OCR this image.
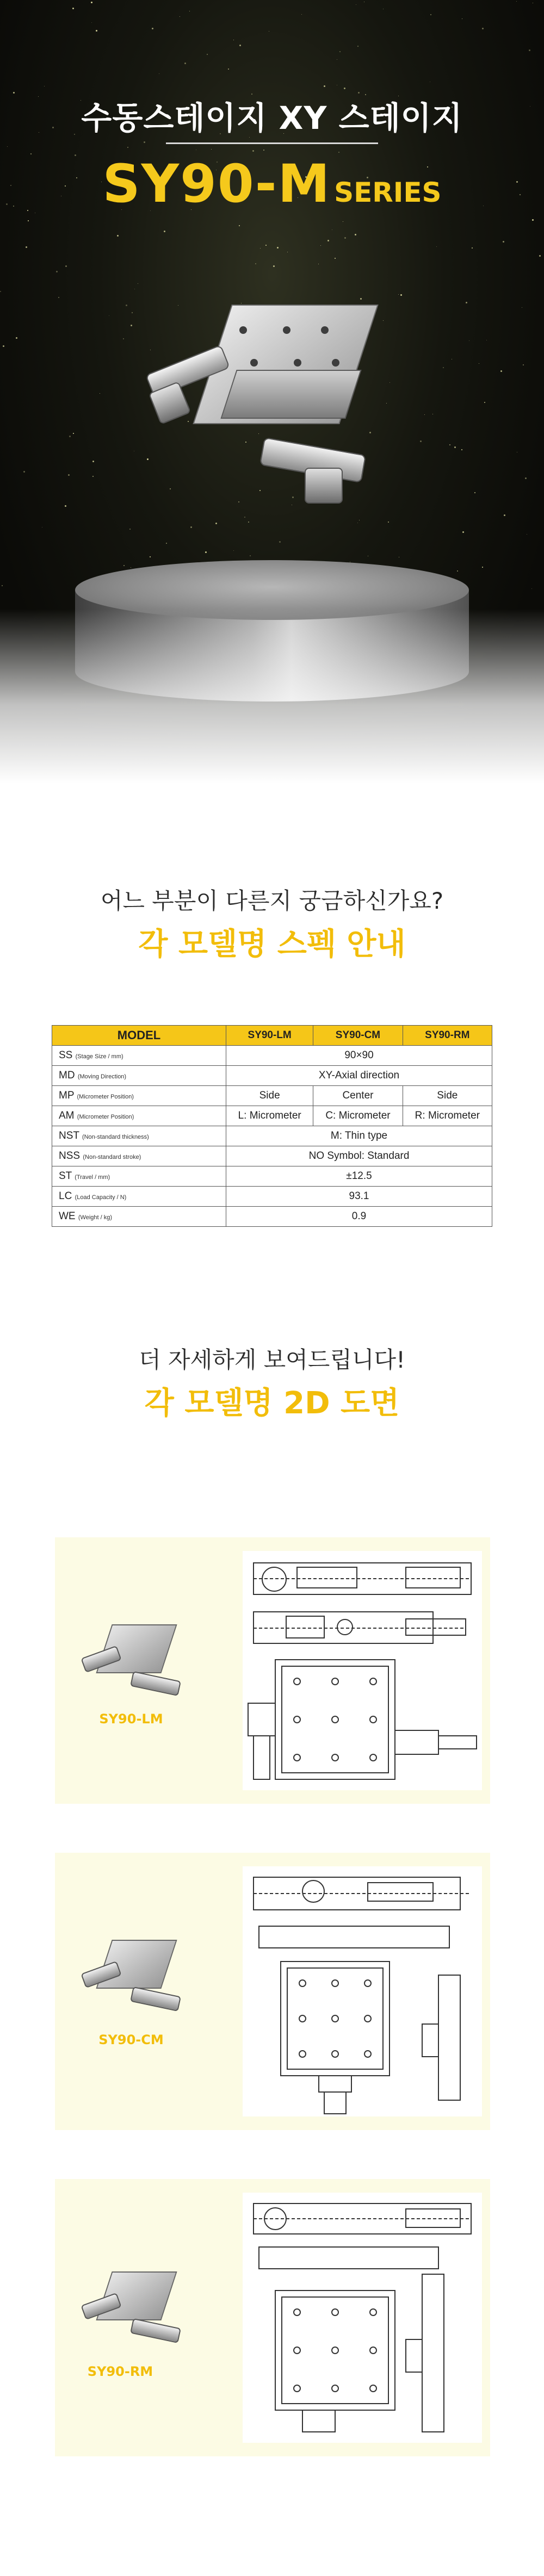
수동스테이지 XY 스테이지
SY90-M SERIES
어느 부분이 다른지 궁금하신가요?
각 모델명 스펙 안내
MODEL	SY90-LM	SY90-CM	SY90-RM
SS (Stage Size / mm)	90×90		
MD (Moving Direction)	XY-Axial direction		
MP (Micrometer Position)	Side	Center	Side
AM (Micrometer Position)	L: Micrometer	C: Micrometer	R: Micrometer
NST (Non-standard thickness)	M: Thin type		
NSS (Non-standard stroke)	NO Symbol: Standard		
ST (Travel / mm)	±12.5		
LC (Load Capacity / N)	93.1		
WE (Weight / kg)	0.9		
더 자세하게 보여드립니다!
각 모델명 2D 도면
SY90-LM
SY90-CM
SY90-RM
